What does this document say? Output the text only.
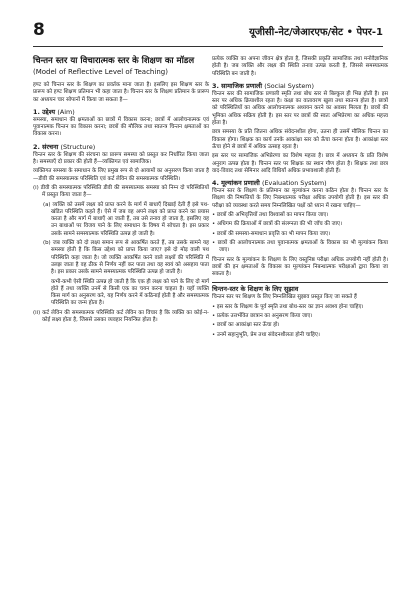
8	यूजीसी-नेट/जेआरएफ/सेट • पेपर-1
चिन्तन स्तर या विचारात्मक स्तर के शिक्षण का मॉडल (Model of Reflective Level of Teaching)

हण्ट को चिन्तन स्तर के शिक्षण का प्रवर्तक माना जाता है। इसलिए इस शिक्षण स्तर के प्रारूप को हण्ट शिक्षण प्रतिमान भी कहा जाता है। चिन्तन स्तर के शिक्षण प्रतिमान के प्रारूप का अध्ययन चार सोपानों में किया जा सकता है—

1. उद्देश्य (Aim)

समस्या, समाधान की क्षमताओं का छात्रों में विकास करना; छात्रों में आलोचनात्मक एवं पूवानात्मक चिन्तन का विकास करना; छात्रों की मौलिक तथा स्वतन्त्र चिन्तन क्षमताओं का विकास करना।

2. संरचना (Structure)

चिन्तन स्तर के शिक्षण की संरचना का प्रारूप समस्या को प्रस्तुत कर निर्धारित किया जाता है। समस्याएँ दो प्रकार की होती हैं—व्यक्तिगत एवं सामाजिक।

व्यक्तिगत समस्या के समाधान के लिए प्रमुख रूप से दो आयामों का अनुसरण किया जाता है—डीवी की समस्यात्मक परिस्थिति एवं कर्ट लेविन की समस्यात्मक परिस्थिति।

(i) डीवी की समस्यात्मक परिस्थिति डीवी की समस्यात्मक समस्या को निम्न दो परिस्थितियों में प्रस्तुत किया जाता है—

(a) व्यक्ति को उसमें लक्ष्य को प्राप्त करने के मार्ग में बाधाएँ दिखाई देती हैं इसे पथ-खंडित परिस्थिति कहते हैं। ऐसे में जब वह अपने लक्ष्य को प्राप्त करने का प्रयास करता है और मार्ग में बाधाएँ आ जाती हैं, तब उसे तनाव हो जाता है, इसलिए वह उन बाधाओं पर विजय पाने के लिए समाधान के विषय में सोचता है। इस प्रकार उसके सामने समस्यात्मक परिस्थिति उत्पन्न हो जाती है।

(b) जब व्यक्ति को दो लक्ष्य समान रूप से आकर्षित करते हैं, तब उसके सामने यह समस्या होती है कि किस उद्देश्य को प्राप्त किया जाए? इसे दो मोड़ वाली पथ परिस्थिति कहा जाता है। जो व्यक्ति आकर्षित करने वाले लक्ष्यों की परिस्थिति में उलझ जाता है वह ठीक से निर्णय नहीं कर पाता तथा वह स्वयं को असहाय पाता है। इस प्रकार उसके सामने समस्यात्मक परिस्थिति उत्पन्न हो जाती है।

कभी-कभी ऐसी स्थिति उत्पन्न हो जाती है कि एक ही लक्ष्य को पाने के लिए दो मार्ग होते हैं तथा व्यक्ति उनमें से किसी एक का चयन करना चाहता है। यहाँ व्यक्ति किस मार्ग का अनुसरण करे, यह निर्णय करने में कठिनाई होती है और समस्यात्मक परिस्थिति का जन्म होता है।

(ii) कर्ट लेविन की समस्यात्मक परिस्थिति कर्ट लेविन का विचार है कि व्यक्ति का कोई-न-कोई लक्ष्य होता है, जिससे उसका व्यवहार नियन्त्रित होता है।

प्रत्येक व्यक्ति का अपना जीवन क्षेत्र होता है, जिसकी प्रकृति सामाजिक तथा मनोवैज्ञानिक होती है। जब व्यक्ति और लक्ष्य की स्थिति तनाव उत्पन्न करती है, जिससे समस्यात्मक परिस्थिति बन जाती है।

3. सामाजिक प्रणाली (Social System)

चिन्तन स्तर की सामाजिक प्रणाली स्मृति तथा बोध स्तर से बिल्कुल ही भिन्न होती है। इस स्तर पर अधिक क्रियाशील रहता है। कक्षा का वातावरण खुला तथा स्वतन्त्र होता है। छात्रों को परिस्थितियों का अधिक आलोचनात्मक अध्ययन करने का अवसर मिलता है। छात्रों की भूमिका अधिक सक्रिय होती है। इस स्तर पर छात्रों की स्वतः अभिप्रेरणा का अधिक महत्त्व होता है।

छात्र समस्या के प्रति जितना अधिक संवेदनशील होगा, उतना ही उसमें मौलिक चिन्तन का विकास होगा। शिक्षक का कार्य उनके आकांक्षा स्तर को ऊँचा करना होता है। आकांक्षा स्तर ऊँचा होने से छात्रों में अधिक उत्साह रहता है।

इस स्तर पर सामाजिक अभिप्रेरणा का विशेष महत्त्व है। छात्र में अध्ययन के प्रति विशेष अनुराग उत्पन्न होता है। चिन्तन स्तर पर शिक्षक का स्थान गौण होता है। शिक्षक तथा छात्र वाद-विवाद तथा सेमिनार आदि विधियाँ अधिक प्रभावशाली होती हैं।

4. मूल्यांकन प्रणाली (Evaluation System)

चिन्तन स्तर के शिक्षण के प्रतिमान का मूल्यांकन करना कठिन होता है। चिन्तन स्तर के शिक्षण की निष्पत्तियों के लिए निबन्धात्मक परीक्षा अधिक उपयोगी होती है। इस स्तर की परीक्षा को व्यवस्था करते समय निम्नलिखित पक्षों को ध्यान में रखना चाहिए—

• छात्रों की अभिवृत्तियों तथा विश्वासों का मापन किया जाए।

• अधिगम की क्रियाओं में छात्रों की संलग्नता की भी जाँच की जाए।

• छात्रों की समस्या-समाधान प्रवृत्ति का भी मापन किया जाए।

• छात्रों की आलोचनात्मक तथा पूवानात्मक क्षमताओं के विकास का भी मूल्यांकन किया जाए।

चिन्तन स्तर के मूल्यांकन के शिक्षण के लिए वस्तुनिष्ठ परीक्षा अधिक उपयोगी नहीं होती है। छात्रों की इन क्षमताओं के विकास का मूल्यांकन निबन्धात्मक परीक्षाओं द्वारा किया जा सकता है।

चिन्तन-स्तर के शिक्षण के लिए सुझाव

चिन्तन स्तर पर शिक्षण के लिए निम्नलिखित सुझाव प्रस्तुत किए जा सकते हैं

• इस स्तर के शिक्षण के पूर्व स्मृति तथा बोध-स्तर का ज्ञान अवश्य होना चाहिए।

• प्रत्येक उत्तर्भवित छात्रान का अनुसरण किया जाए।

• छात्रों का आकांक्षा स्तर ऊँचा हो।

• उनमें सहानुभूति, प्रेम तथा संवेदनशीलता होनी चाहिए।
